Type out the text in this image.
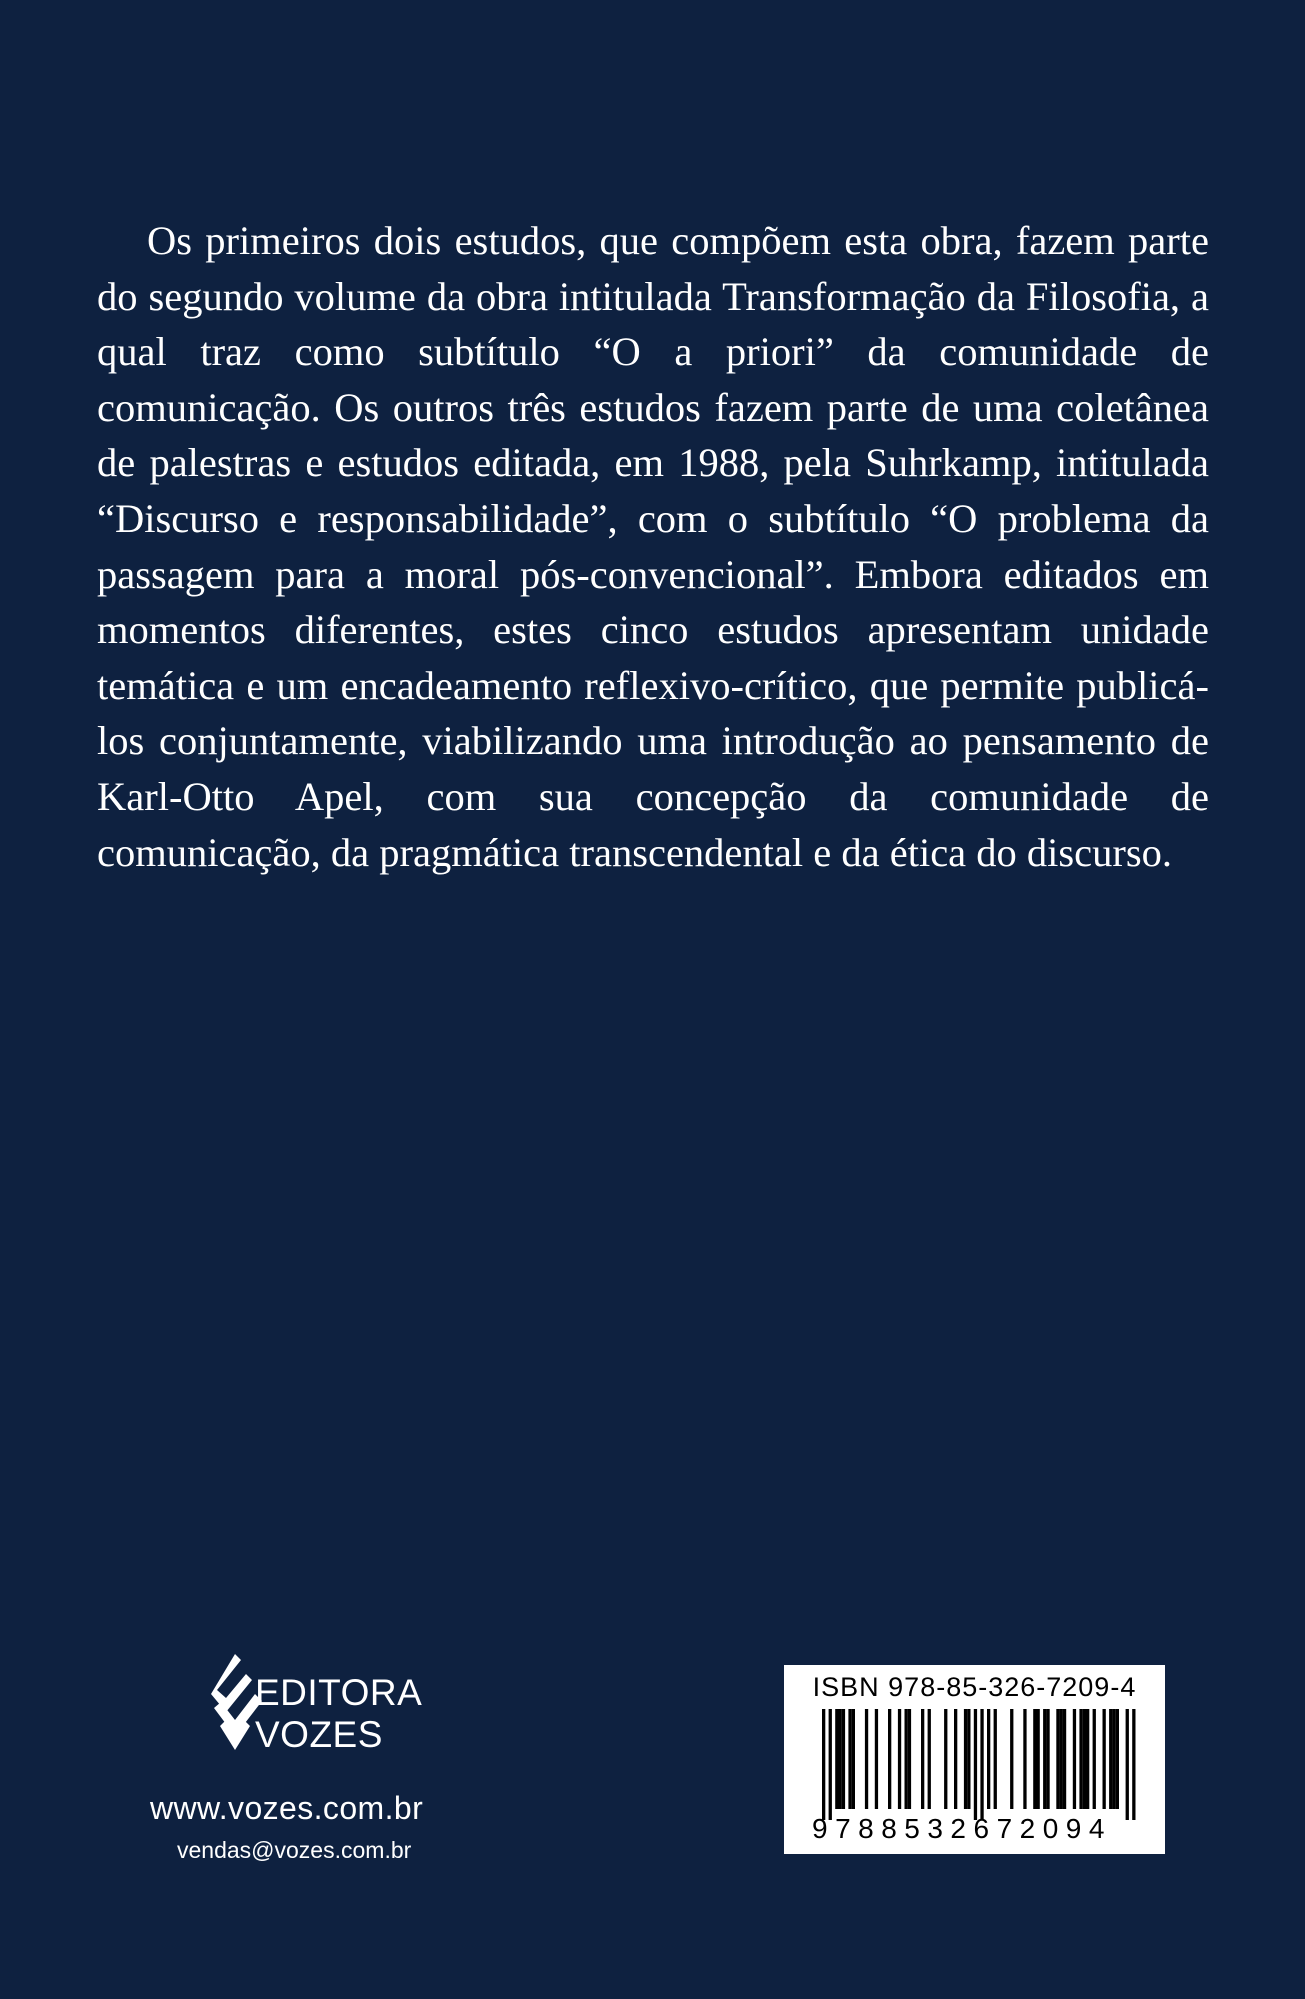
Os primeiros dois estudos, que compõem esta obra, fazem parte do segundo volume da obra intitulada Transformação da Filosofia, a qual traz como subtítulo “O a priori” da comunidade de comunicação. Os outros três estudos fazem parte de uma coletânea de palestras e estudos editada, em 1988, pela Suhrkamp, intitulada “Discurso e responsabilidade”, com o subtítulo “O problema da passagem para a moral pós-convencional”. Embora editados em momentos diferentes, estes cinco estudos apresentam unidade temática e um encadeamento reflexivo-crítico, que permite publicá-los conjuntamente, viabilizando uma introdução ao pensamento de Karl-Otto Apel, com sua concepção da comunidade de comunicação, da pragmática transcendental e da ética do discurso.

EDITORA
VOZES
www.vozes.com.br
vendas@vozes.com.br
ISBN 978-85-326-7209-4
9788532672094
